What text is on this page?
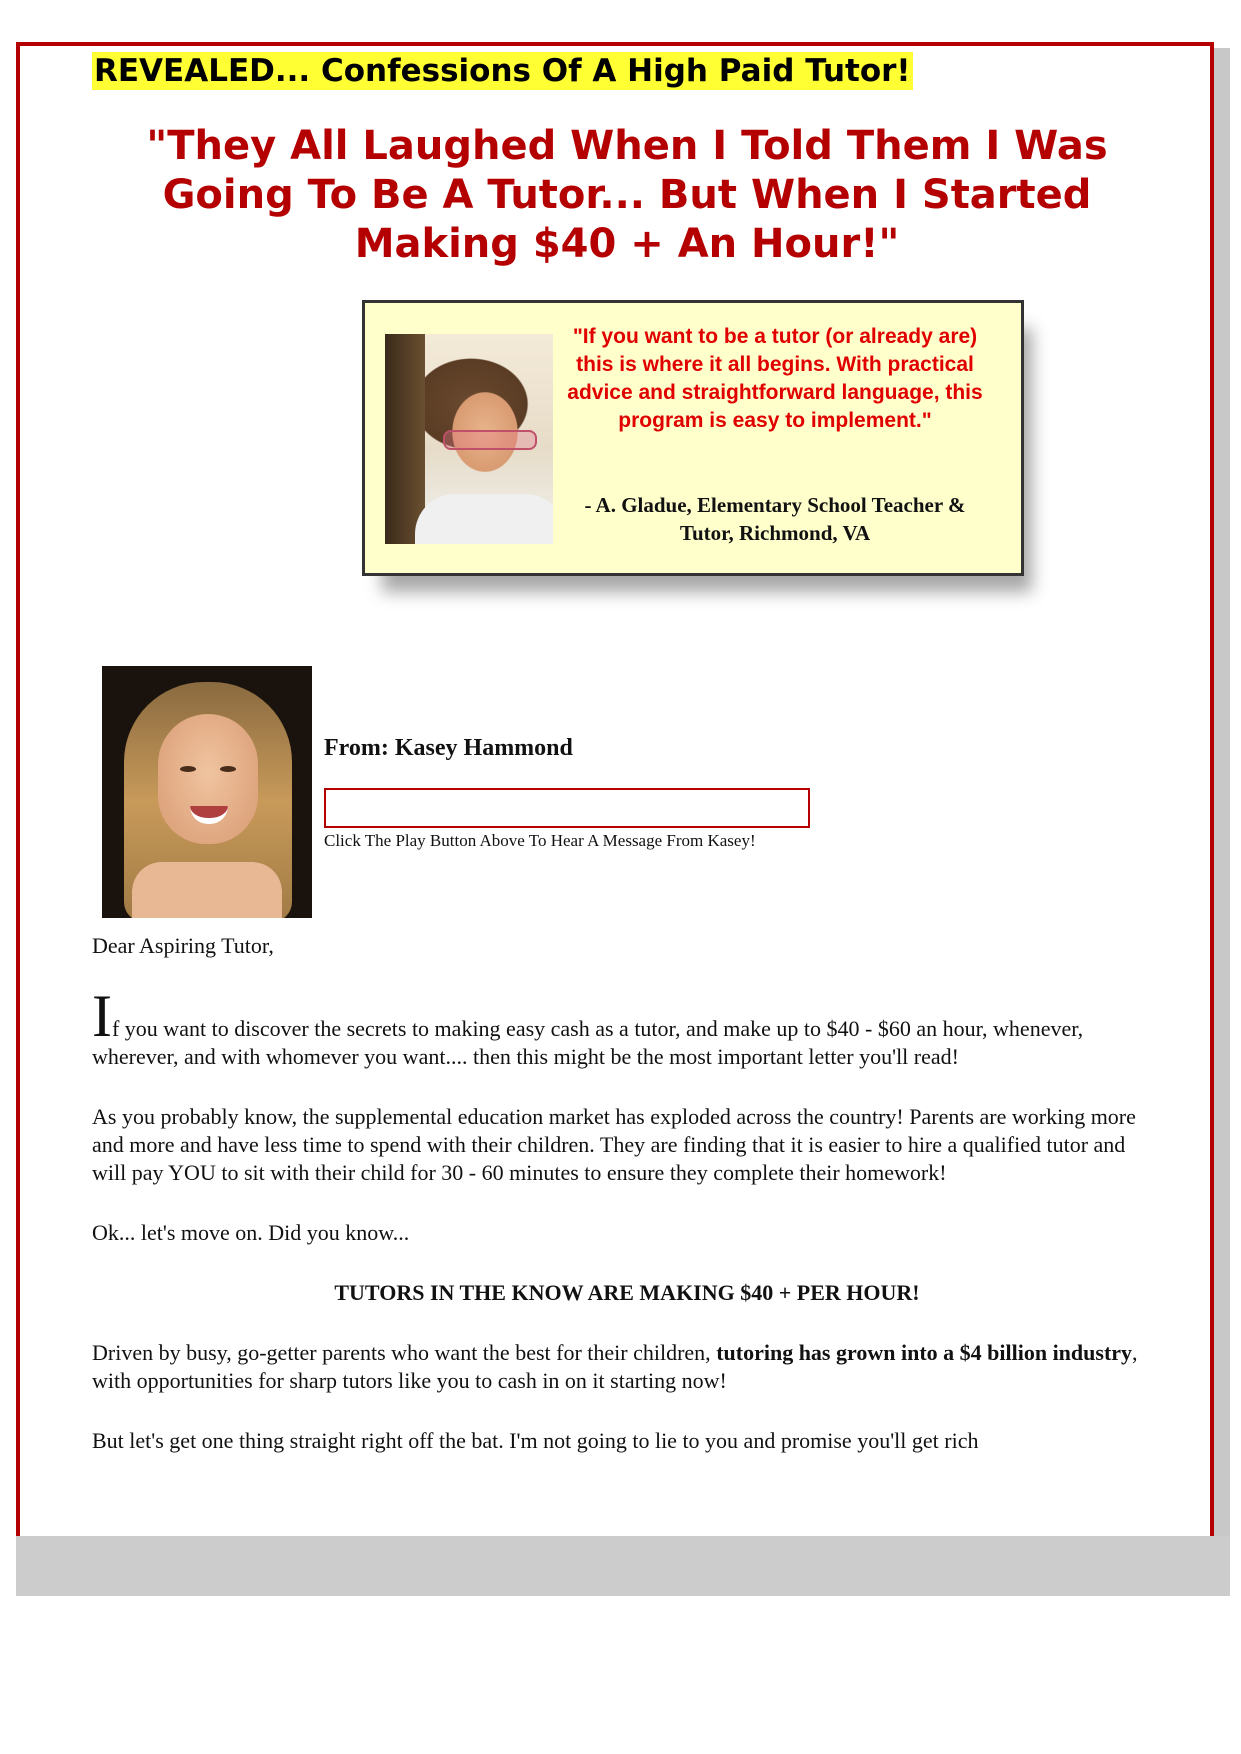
REVEALED... Confessions Of A High Paid Tutor!
"They All Laughed When I Told Them I Was Going To Be A Tutor... But When I Started Making $40 + An Hour!"
"If you want to be a tutor (or already are) this is where it all begins. With practical advice and straightforward language, this program is easy to implement."
- A. Gladue, Elementary School Teacher & Tutor, Richmond, VA
From: Kasey Hammond
Click The Play Button Above To Hear A Message From Kasey!

Dear Aspiring Tutor,

If you want to discover the secrets to making easy cash as a tutor, and make up to $40 - $60 an hour, whenever, wherever, and with whomever you want.... then this might be the most important letter you'll read!

As you probably know, the supplemental education market has exploded across the country! Parents are working more and more and have less time to spend with their children. They are finding that it is easier to hire a qualified tutor and will pay YOU to sit with their child for 30 - 60 minutes to ensure they complete their homework!

Ok... let's move on. Did you know...

TUTORS IN THE KNOW ARE MAKING $40 + PER HOUR!

Driven by busy, go-getter parents who want the best for their children, tutoring has grown into a $4 billion industry, with opportunities for sharp tutors like you to cash in on it starting now!

But let's get one thing straight right off the bat. I'm not going to lie to you and promise you'll get rich
